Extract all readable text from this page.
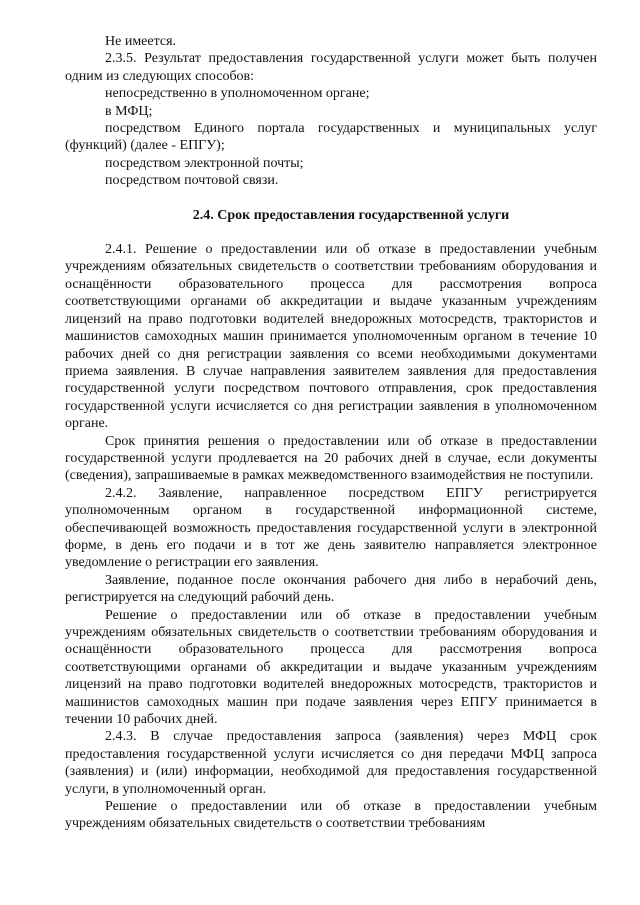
Не имеется.

2.3.5. Результат предоставления государственной услуги может быть получен одним из следующих способов:

непосредственно в уполномоченном органе;

в МФЦ;

посредством Единого портала государственных и муниципальных услуг (функций) (далее - ЕПГУ);

посредством электронной почты;

посредством почтовой связи.

2.4. Срок предоставления государственной услуги

2.4.1. Решение о предоставлении или об отказе в предоставлении учебным учреждениям обязательных свидетельств о соответствии требованиям оборудования и оснащённости образовательного процесса для рассмотрения вопроса соответствующими органами об аккредитации и выдаче указанным учреждениям лицензий на право подготовки водителей внедорожных мотосредств, трактористов и машинистов самоходных машин принимается уполномоченным органом в течение 10 рабочих дней со дня регистрации заявления со всеми необходимыми документами приема заявления. В случае направления заявителем заявления для предоставления государственной услуги посредством почтового отправления, срок предоставления государственной услуги исчисляется со дня регистрации заявления в уполномоченном органе.

Срок принятия решения о предоставлении или об отказе в предоставлении государственной услуги продлевается на 20 рабочих дней в случае, если документы (сведения), запрашиваемые в рамках межведомственного взаимодействия не поступили.

2.4.2. Заявление, направленное посредством ЕПГУ регистрируется уполномоченным органом в государственной информационной системе, обеспечивающей возможность предоставления государственной услуги в электронной форме, в день его подачи и в тот же день заявителю направляется электронное уведомление о регистрации его заявления.

Заявление, поданное после окончания рабочего дня либо в нерабочий день, регистрируется на следующий рабочий день.

Решение о предоставлении или об отказе в предоставлении учебным учреждениям обязательных свидетельств о соответствии требованиям оборудования и оснащённости образовательного процесса для рассмотрения вопроса соответствующими органами об аккредитации и выдаче указанным учреждениям лицензий на право подготовки водителей внедорожных мотосредств, трактористов и машинистов самоходных машин при подаче заявления через ЕПГУ принимается в течении 10 рабочих дней.

2.4.3. В случае предоставления запроса (заявления) через МФЦ срок предоставления государственной услуги исчисляется со дня передачи МФЦ запроса (заявления) и (или) информации, необходимой для предоставления государственной услуги, в уполномоченный орган.

Решение о предоставлении или об отказе в предоставлении учебным учреждениям обязательных свидетельств о соответствии требованиям
